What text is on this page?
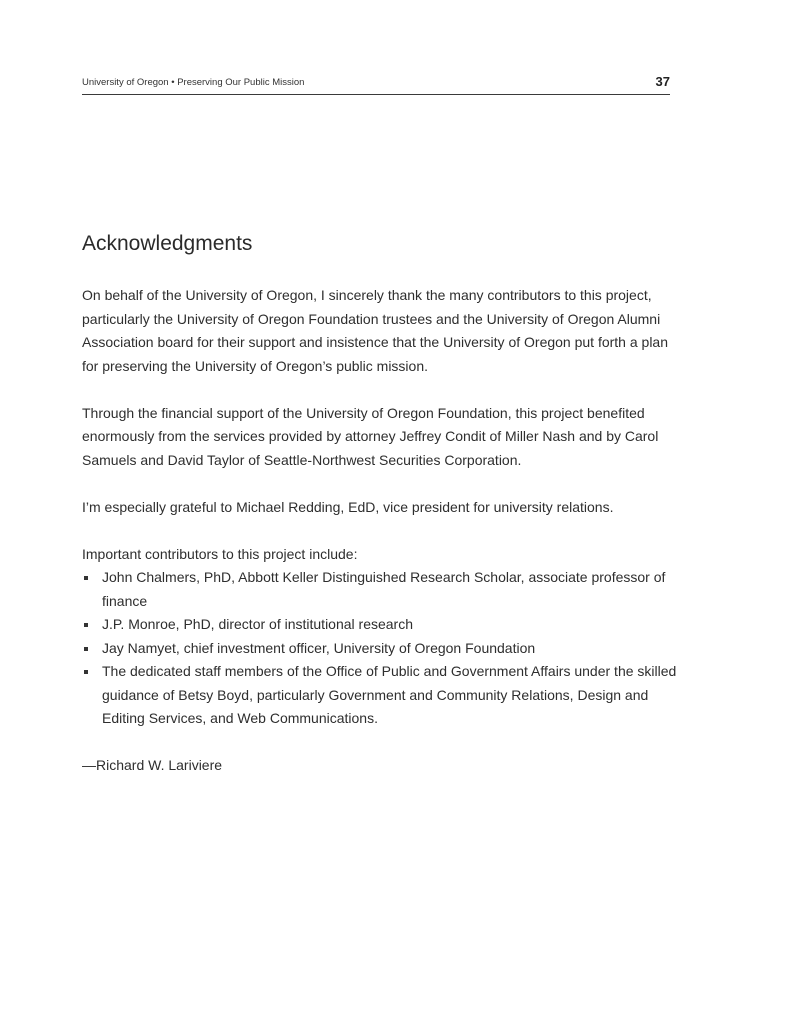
University of Oregon • Preserving Our Public Mission	37
Acknowledgments

On behalf of the University of Oregon, I sincerely thank the many contributors to this project, particularly the University of Oregon Foundation trustees and the University of Oregon Alumni Association board for their support and insistence that the University of Oregon put forth a plan for preserving the University of Oregon’s public mission.

Through the financial support of the University of Oregon Foundation, this project benefited enormously from the services provided by attorney Jeffrey Condit of Miller Nash and by Carol Samuels and David Taylor of Seattle-Northwest Securities Corporation.

I’m especially grateful to Michael Redding, EdD, vice president for university relations.

Important contributors to this project include:

John Chalmers, PhD, Abbott Keller Distinguished Research Scholar, associate professor of finance
J.P. Monroe, PhD, director of institutional research
Jay Namyet, chief investment officer, University of Oregon Foundation
The dedicated staff members of the Office of Public and Government Affairs under the skilled guidance of Betsy Boyd, particularly Government and Community Relations, Design and Editing Services, and Web Communications.

—Richard W. Lariviere
